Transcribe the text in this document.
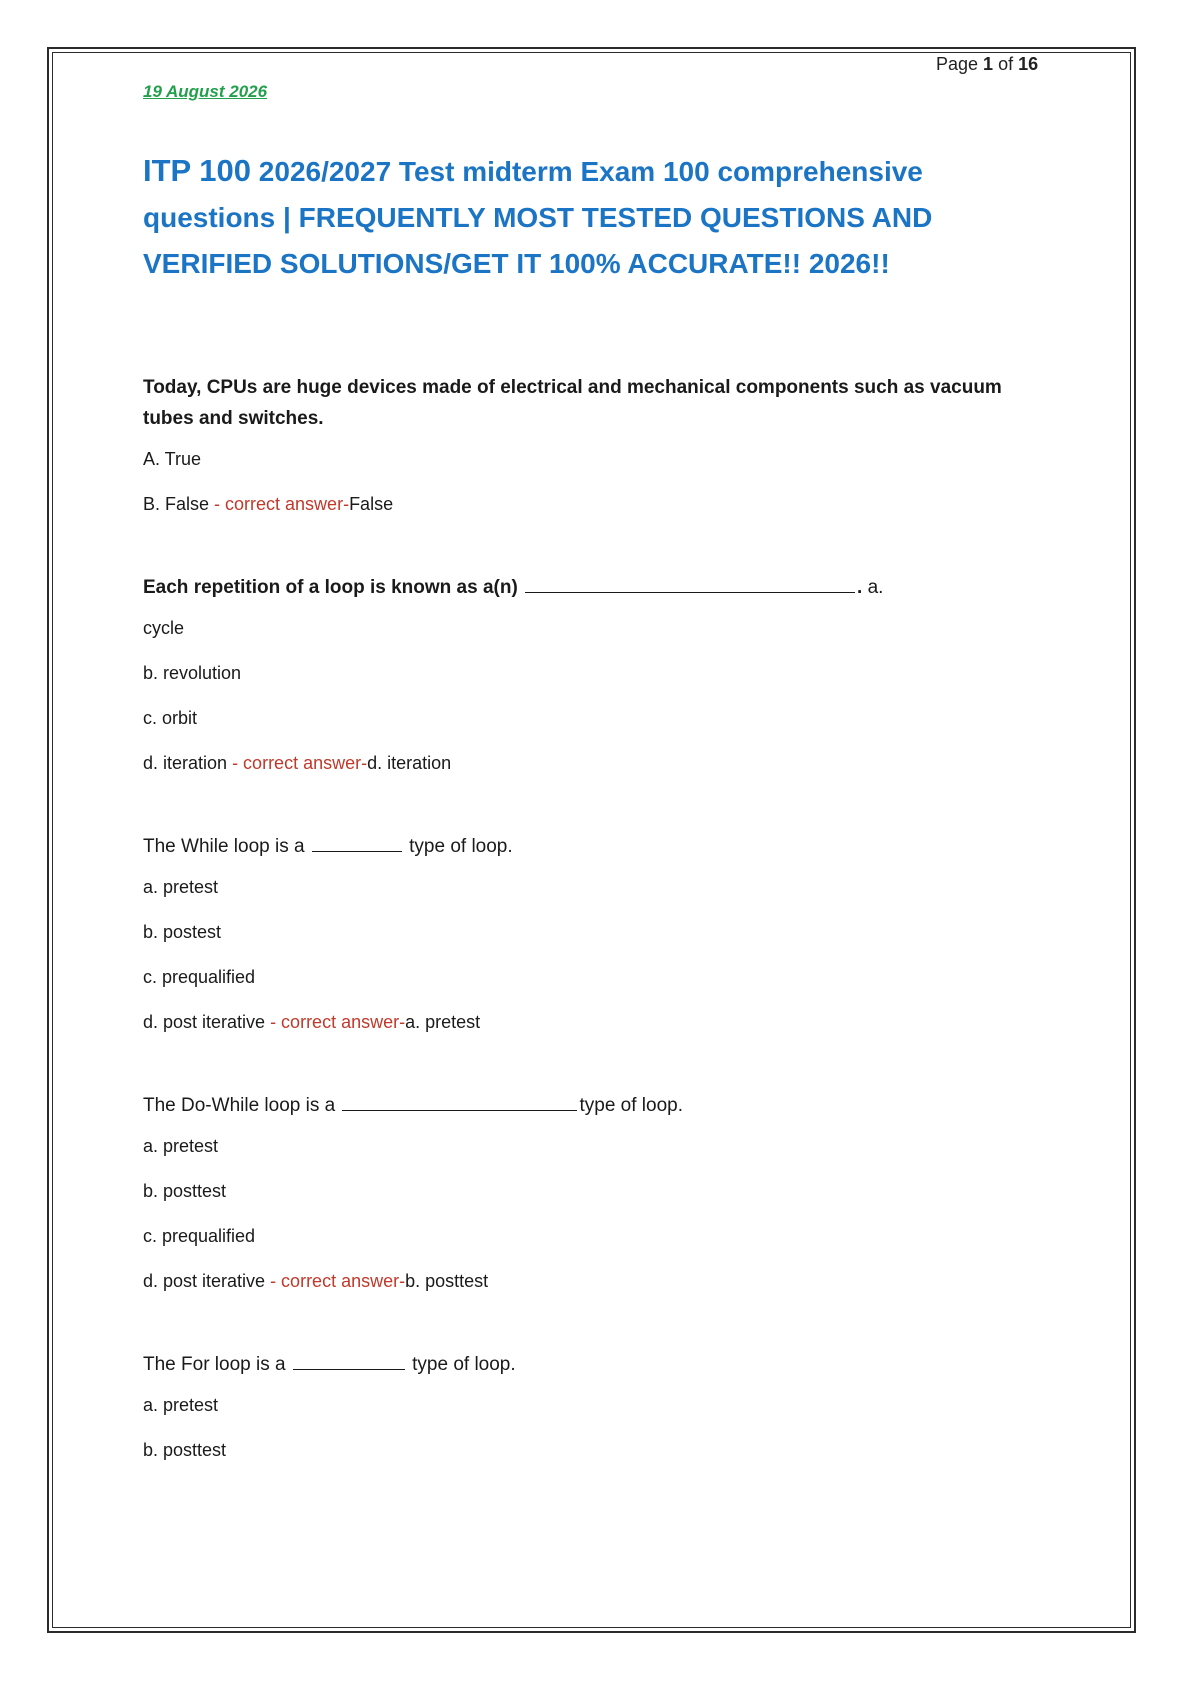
Page 1 of 16
19 August 2026
ITP 100 2026/2027 Test midterm Exam 100 comprehensive questions | FREQUENTLY MOST TESTED QUESTIONS AND VERIFIED SOLUTIONS/GET IT 100% ACCURATE!! 2026!!

Today, CPUs are huge devices made of electrical and mechanical components such as vacuum tubes and switches.

A. True

B. False - correct answer-False

Each repetition of a loop is known as a(n)	. a.

cycle

b. revolution

c. orbit

d. iteration - correct answer-d. iteration

The While loop is a	type of loop.

a. pretest

b. postest

c. prequalified

d. post iterative - correct answer-a. pretest

The Do-While loop is a	type of loop.

a. pretest

b. posttest

c. prequalified

d. post iterative - correct answer-b. posttest

The For loop is a	type of loop.

a. pretest

b. posttest
